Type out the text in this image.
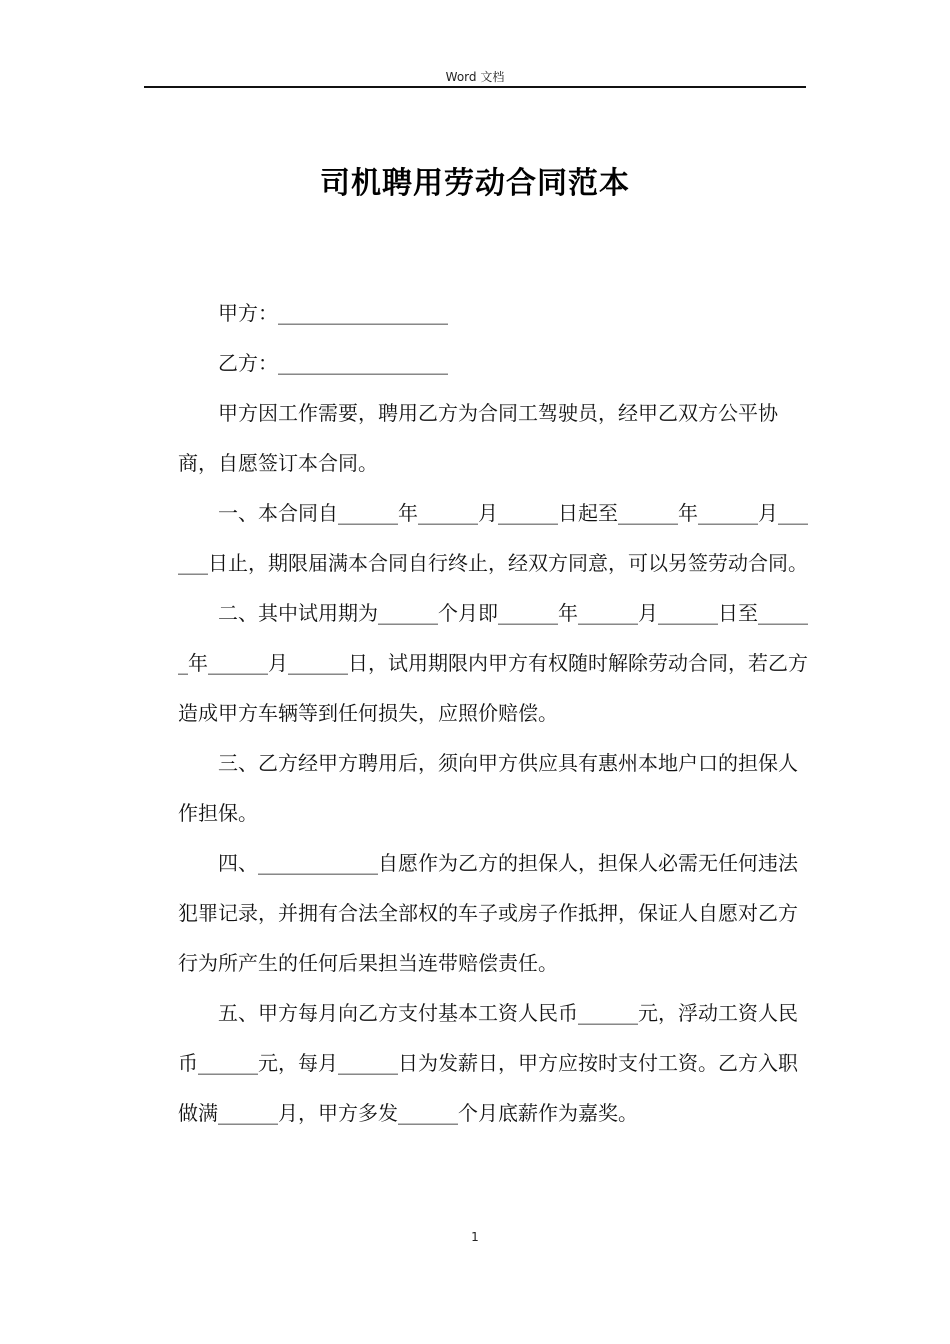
Word 文档
司机聘用劳动合同范本

甲方：_________________

乙方：_________________

甲方因工作需要，聘用乙方为合同工驾驶员，经甲乙双方公平协商，自愿签订本合同。

一、本合同自______年______月______日起至______年______月______日止，期限届满本合同自行终止，经双方同意，可以另签劳动合同。

二、其中试用期为______个月即______年______月______日至______年______月______日，试用期限内甲方有权随时解除劳动合同，若乙方造成甲方车辆等到任何损失，应照价赔偿。

三、乙方经甲方聘用后，须向甲方供应具有惠州本地户口的担保人作担保。

四、____________自愿作为乙方的担保人，担保人必需无任何违法犯罪记录，并拥有合法全部权的车子或房子作抵押，保证人自愿对乙方行为所产生的任何后果担当连带赔偿责任。

五、甲方每月向乙方支付基本工资人民币______元，浮动工资人民币______元，每月______日为发薪日，甲方应按时支付工资。乙方入职做满______月，甲方多发______个月底薪作为嘉奖。

1
